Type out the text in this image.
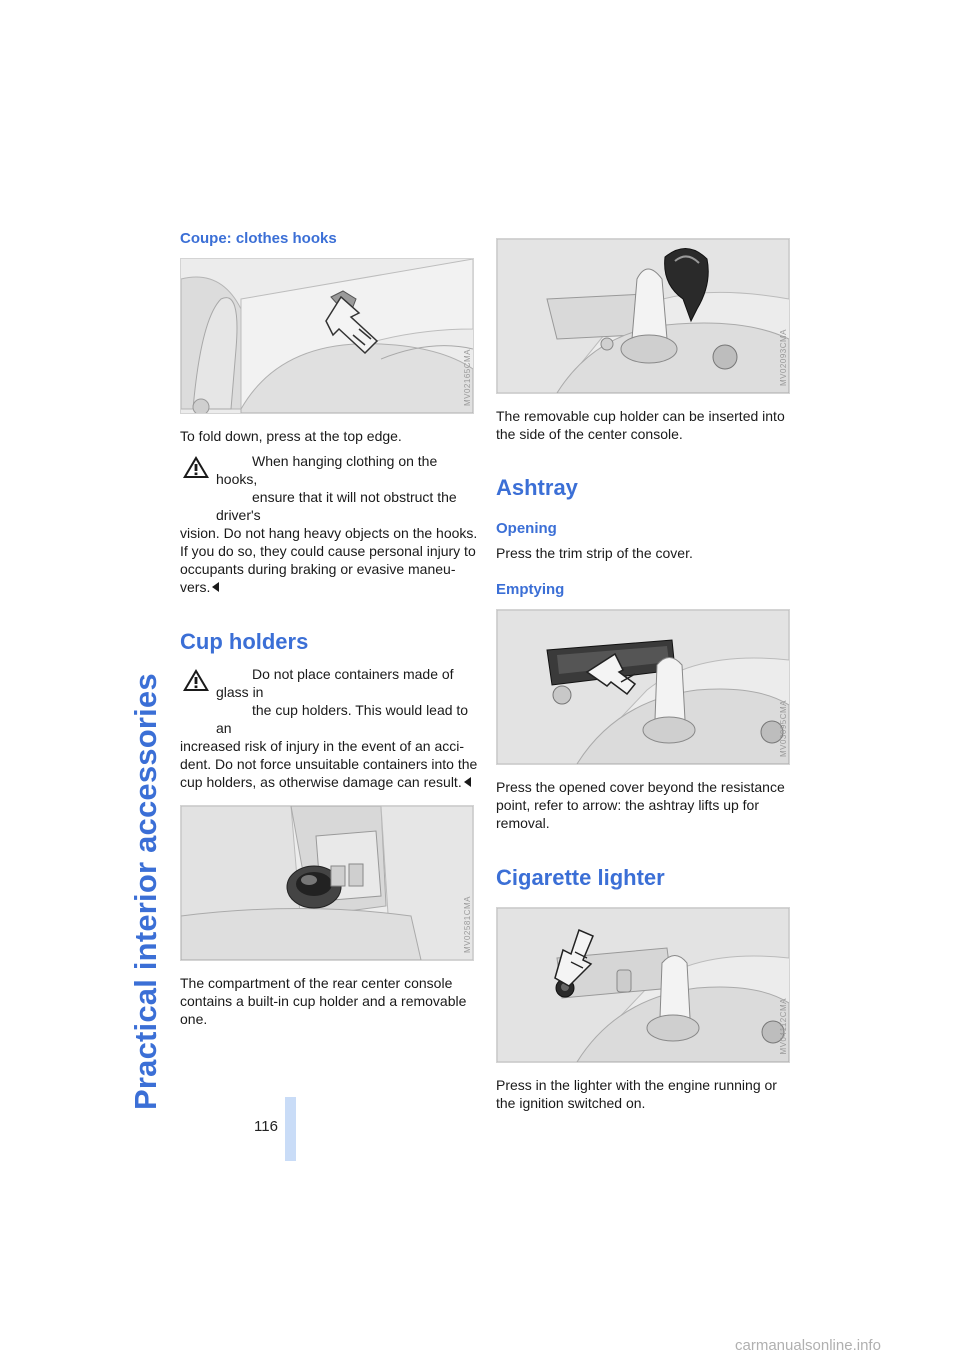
Practical interior accessories
116
Coupe: clothes hooks
MV02165CMA

To fold down, press at the top edge.

When hanging clothing on the hooks,

ensure that it will not obstruct the driver's

vision. Do not hang heavy objects on the hooks. If you do so, they could cause personal injury to occupants during braking or evasive maneu-vers.

Cup holders

Do not place containers made of glass in

the cup holders. This would lead to an

increased risk of injury in the event of an acci-dent. Do not force unsuitable containers into the cup holders, as otherwise damage can result.

MV02581CMA

The compartment of the rear center console contains a built-in cup holder and a removable one.

MV02093CMA

The removable cup holder can be inserted into the side of the center console.

Ashtray
Opening

Press the trim strip of the cover.

Emptying
MV03095CMA

Press the opened cover beyond the resistance point, refer to arrow: the ashtray lifts up for removal.

Cigarette lighter
MV04112CMA

Press in the lighter with the engine running or the ignition switched on.

carmanualsonline.info
